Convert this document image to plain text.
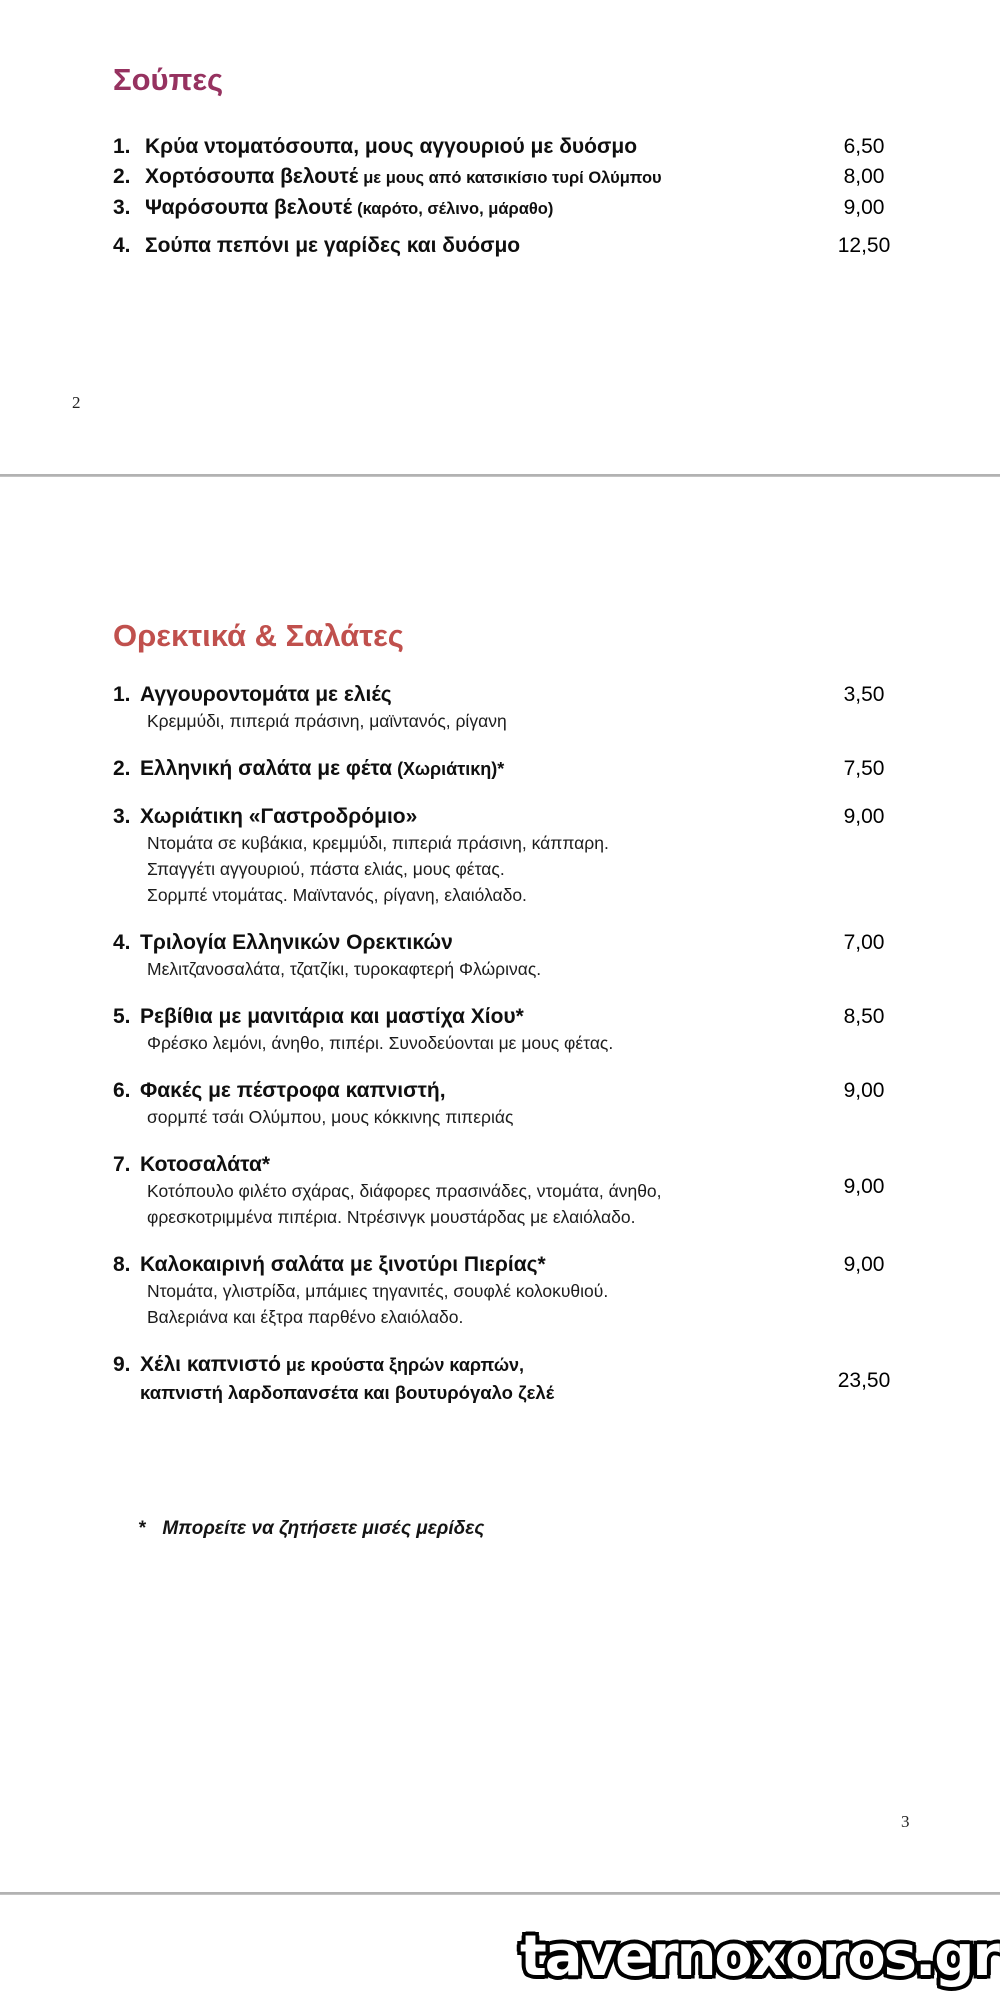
Σούπες
1. Κρύα ντοματόσουπα, μους αγγουριού με δυόσμο	6,50
2. Χορτόσουπα βελουτέ με μους από κατσικίσιο τυρί Ολύμπου	8,00
3. Ψαρόσουπα βελουτέ (καρότο, σέλινο, μάραθο)	9,00
4. Σούπα πεπόνι με γαρίδες και δυόσμο	12,50
2
Ορεκτικά & Σαλάτες
1. Αγγουροντομάτα με ελιές
Κρεμμύδι, πιπεριά πράσινη, μαϊντανός, ρίγανη
3,50
2. Ελληνική σαλάτα με φέτα (Χωριάτικη)*	7,50
3. Χωριάτικη «Γαστροδρόμιο»
Ντομάτα σε κυβάκια, κρεμμύδι, πιπεριά πράσινη, κάππαρη.
Σπαγγέτι αγγουριού, πάστα ελιάς, μους φέτας.
Σορμπέ ντομάτας. Μαϊντανός, ρίγανη, ελαιόλαδο.
9,00
4. Τριλογία Ελληνικών Ορεκτικών
Μελιτζανοσαλάτα, τζατζίκι, τυροκαφτερή Φλώρινας.
7,00
5. Ρεβίθια με μανιτάρια και μαστίχα Χίου*
Φρέσκο λεμόνι, άνηθο, πιπέρι. Συνοδεύονται με μους φέτας.
8,50
6. Φακές με πέστροφα καπνιστή,
σορμπέ τσάι Ολύμπου, μους κόκκινης πιπεριάς
9,00
7. Κοτοσαλάτα*
Κοτόπουλο φιλέτο σχάρας, διάφορες πρασινάδες, ντομάτα, άνηθο,
φρεσκοτριμμένα πιπέρια. Ντρέσινγκ μουστάρδας με ελαιόλαδο.
9,00
8. Καλοκαιρινή σαλάτα με ξινοτύρι Πιερίας*
Ντομάτα, γλιστρίδα, μπάμιες τηγανιτές, σουφλέ κολοκυθιού.
Βαλεριάνα και έξτρα παρθένο ελαιόλαδο.
9,00
9. Χέλι καπνιστό με κρούστα ξηρών καρπών,
καπνιστή λαρδοπανσέτα και βουτυρόγαλο ζελέ
23,50
* Μπορείτε να ζητήσετε μισές μερίδες
3
tavernoxoros.gr
